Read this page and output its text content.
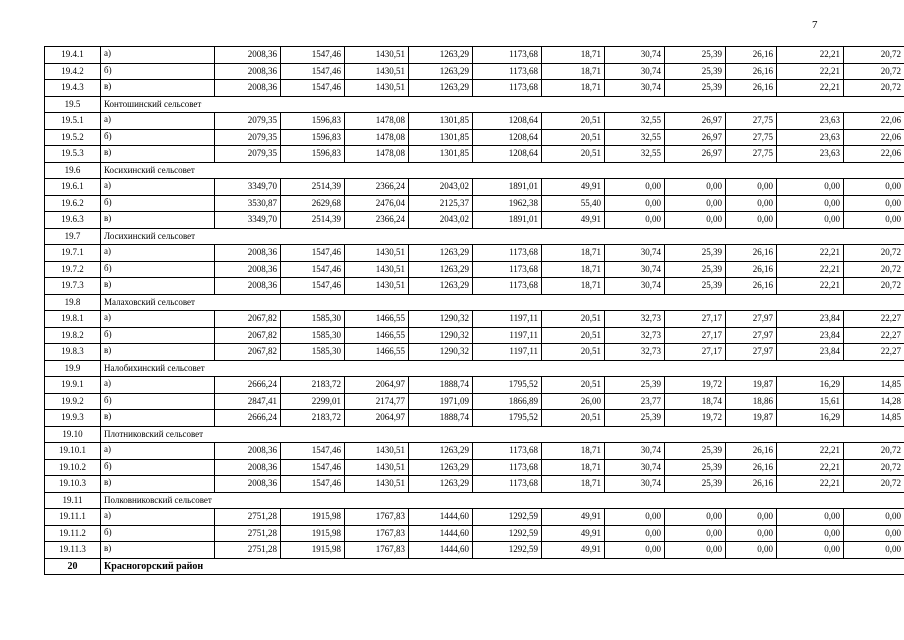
7
19.4.1	а)	2008,36	1547,46	1430,51	1263,29	1173,68	18,71	30,74	25,39	26,16	22,21	20,72
19.4.2	б)	2008,36	1547,46	1430,51	1263,29	1173,68	18,71	30,74	25,39	26,16	22,21	20,72
19.4.3	в)	2008,36	1547,46	1430,51	1263,29	1173,68	18,71	30,74	25,39	26,16	22,21	20,72
19.5	Контошинский сельсовет											
19.5.1	а)	2079,35	1596,83	1478,08	1301,85	1208,64	20,51	32,55	26,97	27,75	23,63	22,06
19.5.2	б)	2079,35	1596,83	1478,08	1301,85	1208,64	20,51	32,55	26,97	27,75	23,63	22,06
19.5.3	в)	2079,35	1596,83	1478,08	1301,85	1208,64	20,51	32,55	26,97	27,75	23,63	22,06
19.6	Косихинский сельсовет											
19.6.1	а)	3349,70	2514,39	2366,24	2043,02	1891,01	49,91	0,00	0,00	0,00	0,00	0,00
19.6.2	б)	3530,87	2629,68	2476,04	2125,37	1962,38	55,40	0,00	0,00	0,00	0,00	0,00
19.6.3	в)	3349,70	2514,39	2366,24	2043,02	1891,01	49,91	0,00	0,00	0,00	0,00	0,00
19.7	Лосихинский сельсовет											
19.7.1	а)	2008,36	1547,46	1430,51	1263,29	1173,68	18,71	30,74	25,39	26,16	22,21	20,72
19.7.2	б)	2008,36	1547,46	1430,51	1263,29	1173,68	18,71	30,74	25,39	26,16	22,21	20,72
19.7.3	в)	2008,36	1547,46	1430,51	1263,29	1173,68	18,71	30,74	25,39	26,16	22,21	20,72
19.8	Малаховский сельсовет											
19.8.1	а)	2067,82	1585,30	1466,55	1290,32	1197,11	20,51	32,73	27,17	27,97	23,84	22,27
19.8.2	б)	2067,82	1585,30	1466,55	1290,32	1197,11	20,51	32,73	27,17	27,97	23,84	22,27
19.8.3	в)	2067,82	1585,30	1466,55	1290,32	1197,11	20,51	32,73	27,17	27,97	23,84	22,27
19.9	Налобихинский сельсовет											
19.9.1	а)	2666,24	2183,72	2064,97	1888,74	1795,52	20,51	25,39	19,72	19,87	16,29	14,85
19.9.2	б)	2847,41	2299,01	2174,77	1971,09	1866,89	26,00	23,77	18,74	18,86	15,61	14,28
19.9.3	в)	2666,24	2183,72	2064,97	1888,74	1795,52	20,51	25,39	19,72	19,87	16,29	14,85
19.10	Плотниковский сельсовет											
19.10.1	а)	2008,36	1547,46	1430,51	1263,29	1173,68	18,71	30,74	25,39	26,16	22,21	20,72
19.10.2	б)	2008,36	1547,46	1430,51	1263,29	1173,68	18,71	30,74	25,39	26,16	22,21	20,72
19.10.3	в)	2008,36	1547,46	1430,51	1263,29	1173,68	18,71	30,74	25,39	26,16	22,21	20,72
19.11	Полковниковский сельсовет											
19.11.1	а)	2751,28	1915,98	1767,83	1444,60	1292,59	49,91	0,00	0,00	0,00	0,00	0,00
19.11.2	б)	2751,28	1915,98	1767,83	1444,60	1292,59	49,91	0,00	0,00	0,00	0,00	0,00
19.11.3	в)	2751,28	1915,98	1767,83	1444,60	1292,59	49,91	0,00	0,00	0,00	0,00	0,00
20	Красногорский район											
